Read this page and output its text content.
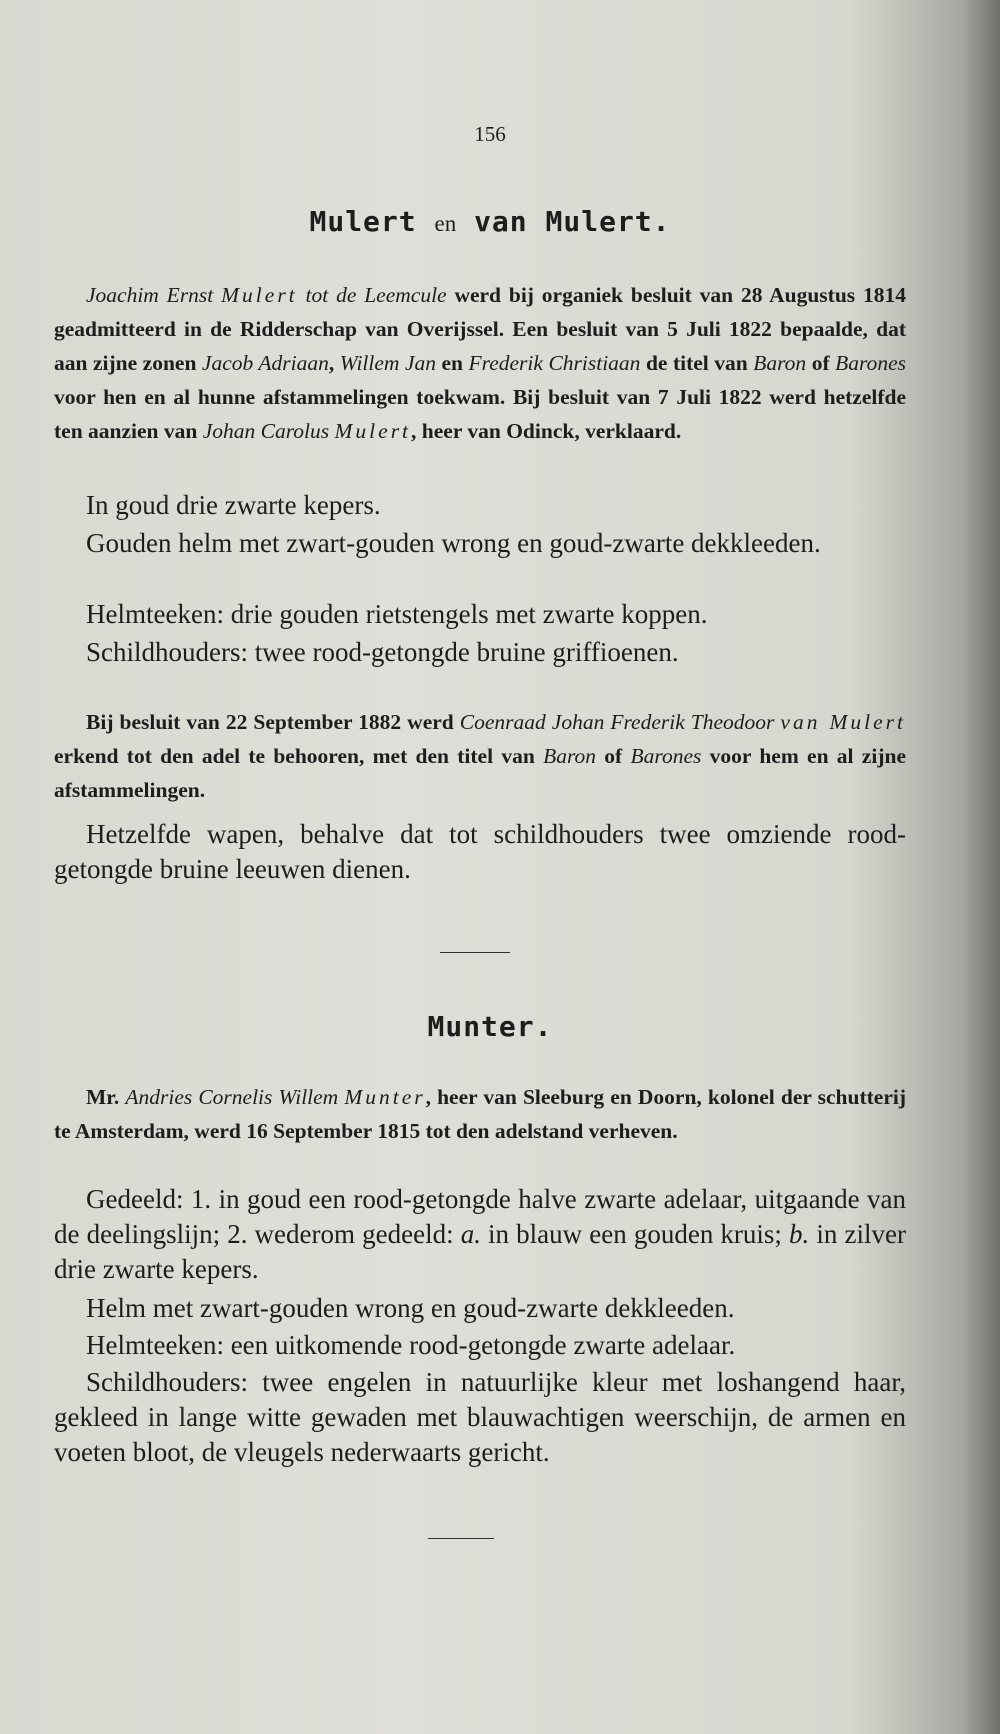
156
Mulert en van Mulert.

Joachim Ernst Mulert tot de Leemcule werd bij organiek besluit van 28 Augustus 1814 geadmitteerd in de Ridderschap van Overijssel. Een besluit van 5 Juli 1822 bepaalde, dat aan zijne zonen Jacob Adriaan, Willem Jan en Frederik Christiaan de titel van Baron of Barones voor hen en al hunne afstammelingen toekwam. Bij besluit van 7 Juli 1822 werd hetzelfde ten aanzien van Johan Carolus Mulert, heer van Odinck, verklaard.

In goud drie zwarte kepers.

Gouden helm met zwart-gouden wrong en goud-zwarte dekkleeden.

Helmteeken: drie gouden rietstengels met zwarte koppen.

Schildhouders: twee rood-getongde bruine griffioenen.

Bij besluit van 22 September 1882 werd Coenraad Johan Frederik Theodoor van Mulert erkend tot den adel te behooren, met den titel van Baron of Barones voor hem en al zijne afstammelingen.

Hetzelfde wapen, behalve dat tot schildhouders twee omziende rood-getongde bruine leeuwen dienen.

Munter.

Mr. Andries Cornelis Willem Munter, heer van Sleeburg en Doorn, kolonel der schutterij te Amsterdam, werd 16 September 1815 tot den adelstand verheven.

Gedeeld: 1. in goud een rood-getongde halve zwarte adelaar, uitgaande van de deelingslijn; 2. wederom gedeeld: a. in blauw een gouden kruis; b. in zilver drie zwarte kepers.

Helm met zwart-gouden wrong en goud-zwarte dekkleeden.

Helmteeken: een uitkomende rood-getongde zwarte adelaar.

Schildhouders: twee engelen in natuurlijke kleur met loshangend haar, gekleed in lange witte gewaden met blauwachtigen weerschijn, de armen en voeten bloot, de vleugels nederwaarts gericht.
